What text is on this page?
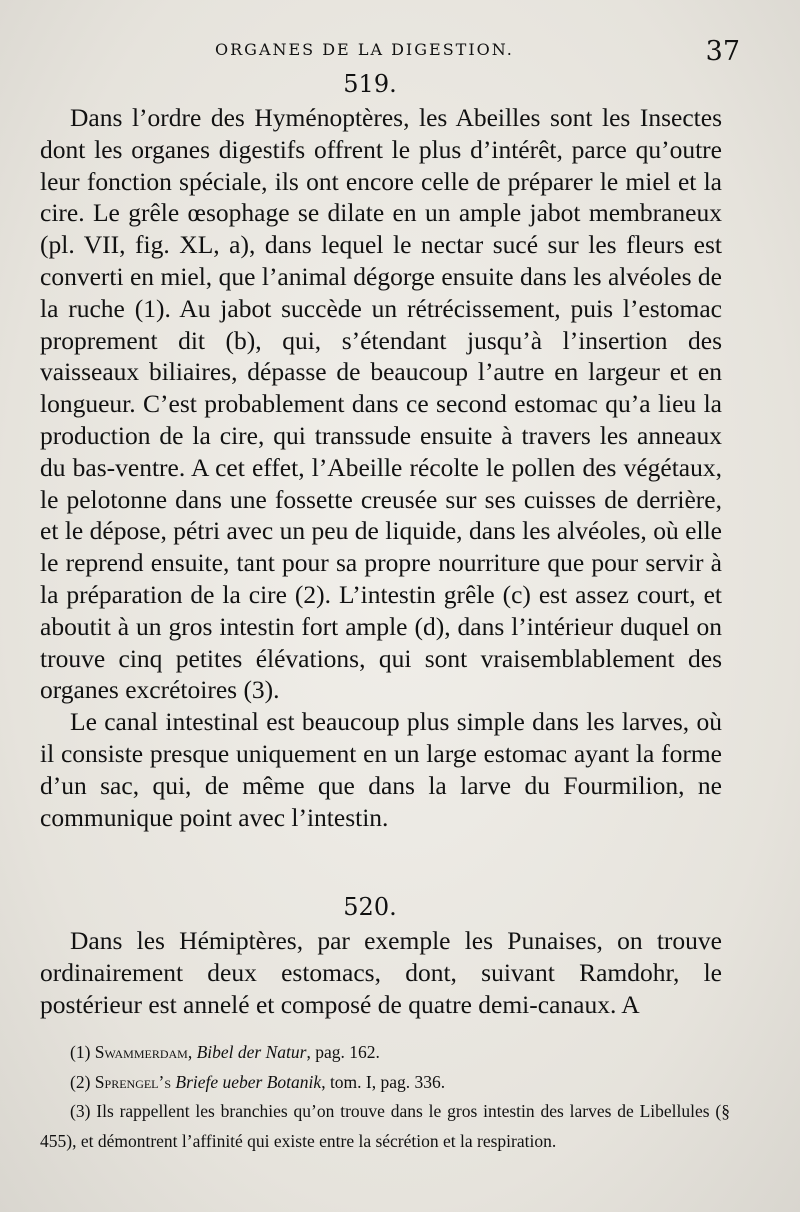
ORGANES DE LA DIGESTION.	37
519.

Dans l’ordre des Hyménoptères, les Abeilles sont les Insectes dont les organes digestifs offrent le plus d’intérêt, parce qu’outre leur fonction spéciale, ils ont encore celle de préparer le miel et la cire. Le grêle œsophage se dilate en un ample jabot membraneux (pl. VII, fig. XL, a), dans lequel le nectar sucé sur les fleurs est converti en miel, que l’animal dégorge ensuite dans les alvéoles de la ruche (1). Au jabot succède un rétrécissement, puis l’estomac proprement dit (b), qui, s’étendant jusqu’à l’insertion des vaisseaux biliaires, dépasse de beaucoup l’autre en largeur et en longueur. C’est probablement dans ce second estomac qu’a lieu la production de la cire, qui transsude ensuite à travers les anneaux du bas-ventre. A cet effet, l’Abeille récolte le pollen des végétaux, le pelotonne dans une fossette creusée sur ses cuisses de derrière, et le dépose, pétri avec un peu de liquide, dans les alvéoles, où elle le reprend ensuite, tant pour sa propre nourriture que pour servir à la préparation de la cire (2). L’intestin grêle (c) est assez court, et aboutit à un gros intestin fort ample (d), dans l’intérieur duquel on trouve cinq petites élévations, qui sont vraisemblablement des organes excrétoires (3).

Le canal intestinal est beaucoup plus simple dans les larves, où il consiste presque uniquement en un large estomac ayant la forme d’un sac, qui, de même que dans la larve du Fourmilion, ne communique point avec l’intestin.

520.

Dans les Hémiptères, par exemple les Punaises, on trouve ordinairement deux estomacs, dont, suivant Ramdohr, le postérieur est annelé et composé de quatre demi-canaux. A

(1) Swammerdam, Bibel der Natur, pag. 162.

(2) Sprengel’s Briefe ueber Botanik, tom. I, pag. 336.

(3) Ils rappellent les branchies qu’on trouve dans le gros intestin des larves de Libellules (§ 455), et démontrent l’affinité qui existe entre la sécrétion et la respiration.
